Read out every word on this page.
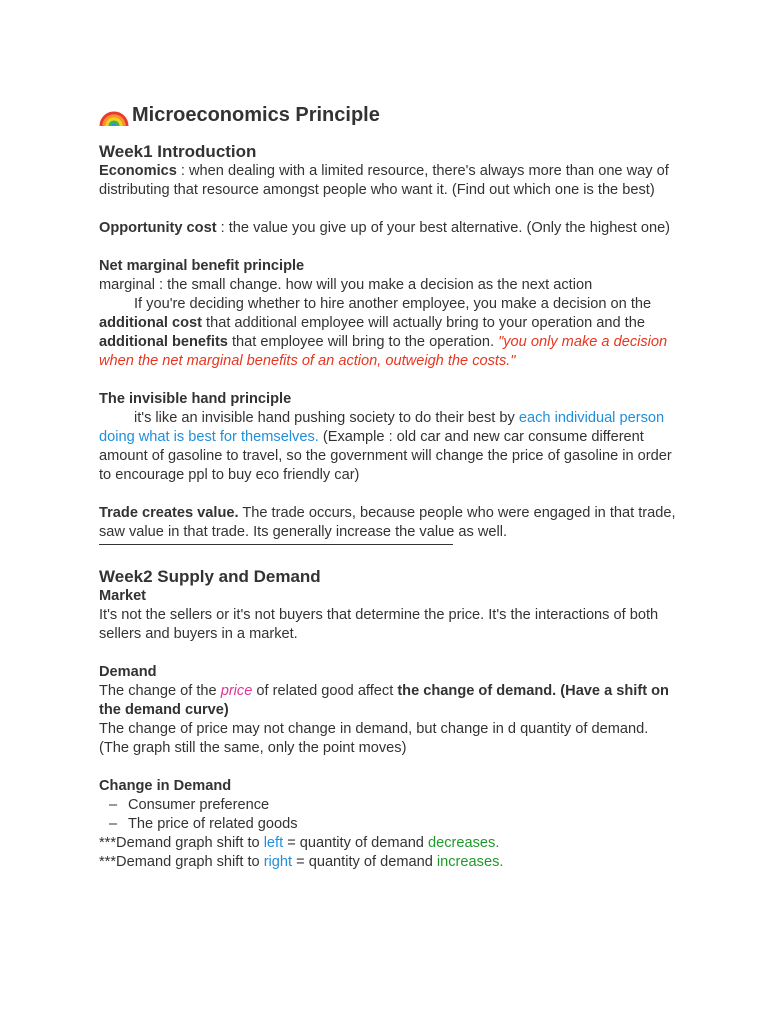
Microeconomics Principle

Week1 Introduction

Economics : when dealing with a limited resource, there's always more than one way of distributing that resource amongst people who want it. (Find out which one is the best)

Opportunity cost : the value you give up of your best alternative. (Only the highest one)

Net marginal benefit principle

marginal : the small change. how will you make a decision as the next action

If you're deciding whether to hire another employee, you make a decision on the additional cost that additional employee will actually bring to your operation and the additional benefits that employee will bring to the operation. "you only make a decision when the net marginal benefits of an action, outweigh the costs."

The invisible hand principle

it's like an invisible hand pushing society to do their best by each individual person doing what is best for themselves. (Example : old car and new car consume different amount of gasoline to travel, so the government will change the price of gasoline in order to encourage ppl to buy eco friendly car)

Trade creates value. The trade occurs, because people who were engaged in that trade, saw value in that trade. Its generally increase the value as well.

Week2 Supply and Demand

Market

It's not the sellers or it's not buyers that determine the price. It's the interactions of both sellers and buyers in a market.

Demand

The change of the price of related good affect the change of demand. (Have a shift on the demand curve)

The change of price may not change in demand, but change in d quantity of demand. (The graph still the same, only the point moves)

Change in Demand

– Consumer preference
– The price of related goods

***Demand graph shift to left = quantity of demand decreases.

***Demand graph shift to right = quantity of demand increases.
